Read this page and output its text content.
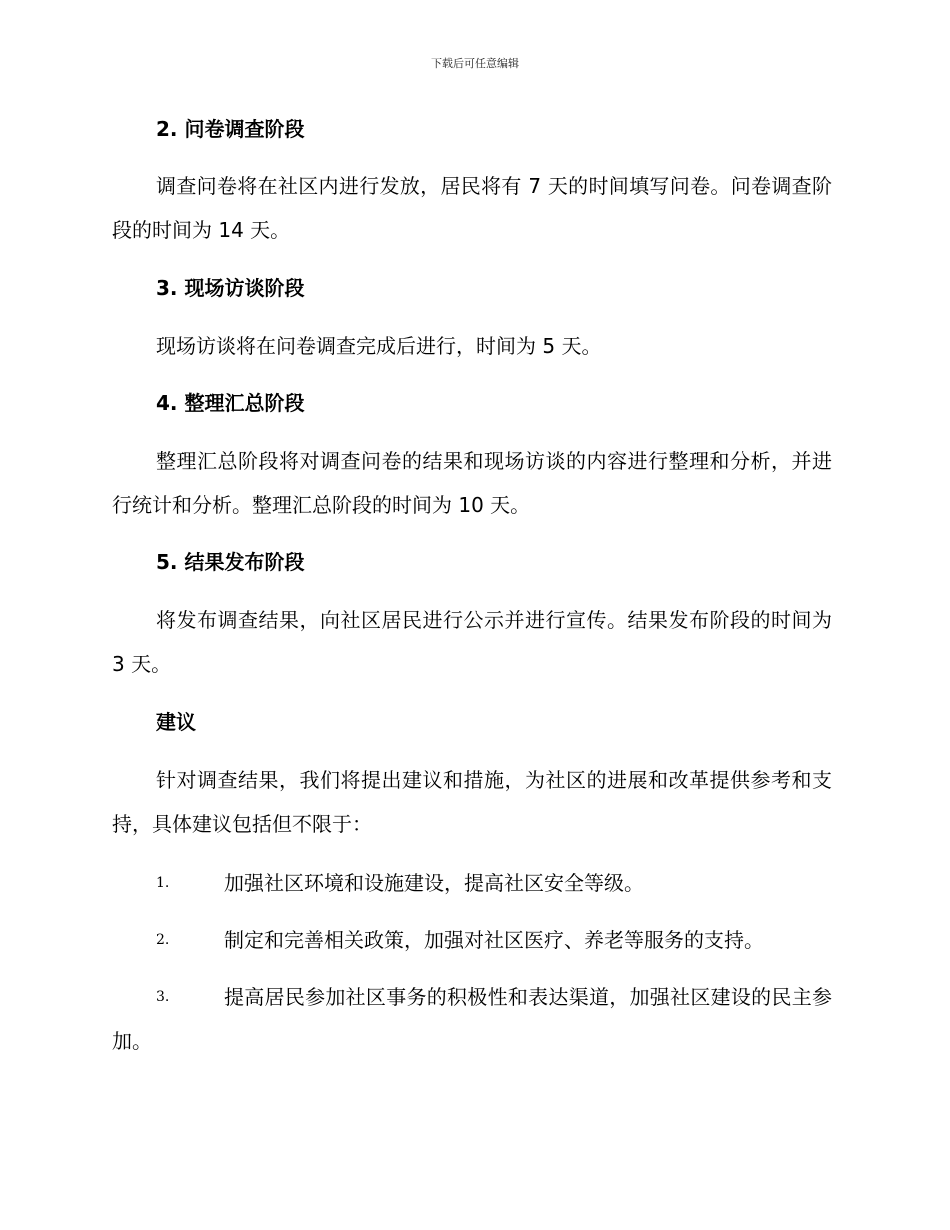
下载后可任意编辑
2. 问卷调查阶段
调查问卷将在社区内进行发放，居民将有 7 天的时间填写问卷。问卷调查阶段的时间为 14 天。
3. 现场访谈阶段
现场访谈将在问卷调查完成后进行，时间为 5 天。
4. 整理汇总阶段
整理汇总阶段将对调查问卷的结果和现场访谈的内容进行整理和分析，并进行统计和分析。整理汇总阶段的时间为 10 天。
5. 结果发布阶段
将发布调查结果，向社区居民进行公示并进行宣传。结果发布阶段的时间为 3 天。
建议
针对调查结果，我们将提出建议和措施，为社区的进展和改革提供参考和支持，具体建议包括但不限于：
1.	加强社区环境和设施建设，提高社区安全等级。
2.	制定和完善相关政策，加强对社区医疗、养老等服务的支持。
3.	提高居民参加社区事务的积极性和表达渠道，加强社区建设的民主参加。
